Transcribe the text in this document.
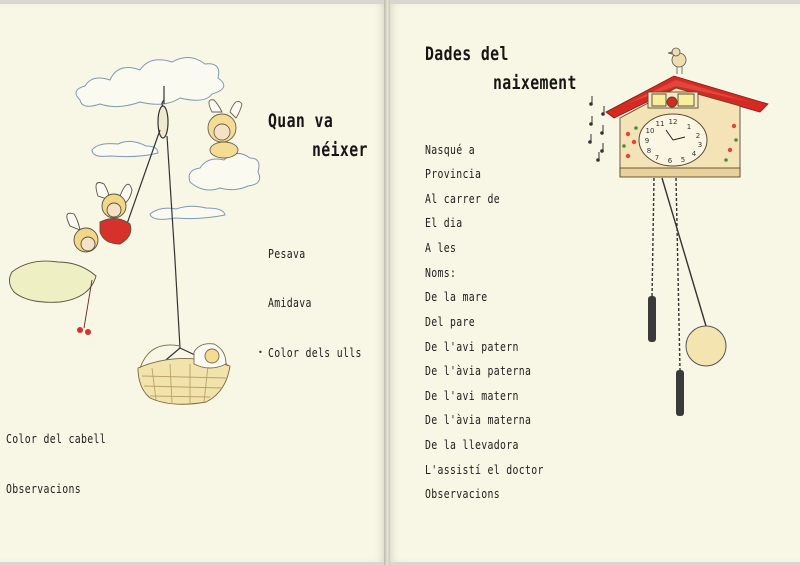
12
1
2
3
4
5
6
7
8
9
10
11
Quan va
néixer
Pesava
Amidava
• Color dels ulls
Color del cabell
Observacions
Dades del
naixement
Nasqué a
Provincia
Al carrer de
El dia
A les
Noms:
De la mare
Del pare
De l'avi patern
De l'àvia paterna
De l'avi matern
De l'àvia materna
De la llevadora
L'assistí el doctor
Observacions
